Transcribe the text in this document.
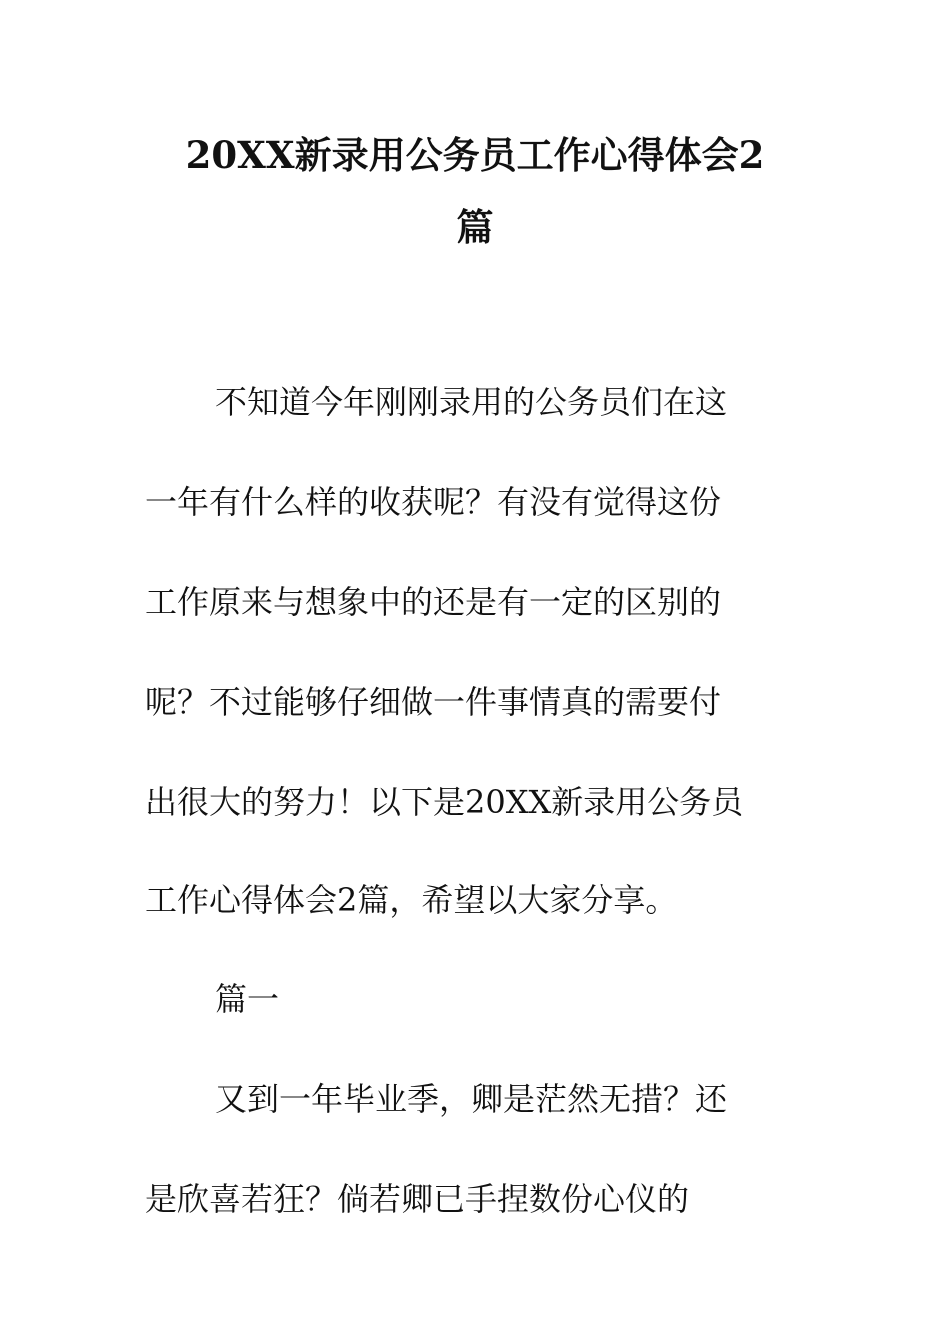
20XX新录用公务员工作心得体会2
篇
不知道今年刚刚录用的公务员们在这
一年有什么样的收获呢？有没有觉得这份
工作原来与想象中的还是有一定的区别的
呢？不过能够仔细做一件事情真的需要付
出很大的努力！以下是20XX新录用公务员
工作心得体会2篇，希望以大家分享。
篇一
又到一年毕业季，卿是茫然无措？还
是欣喜若狂？倘若卿已手捏数份心仪的
